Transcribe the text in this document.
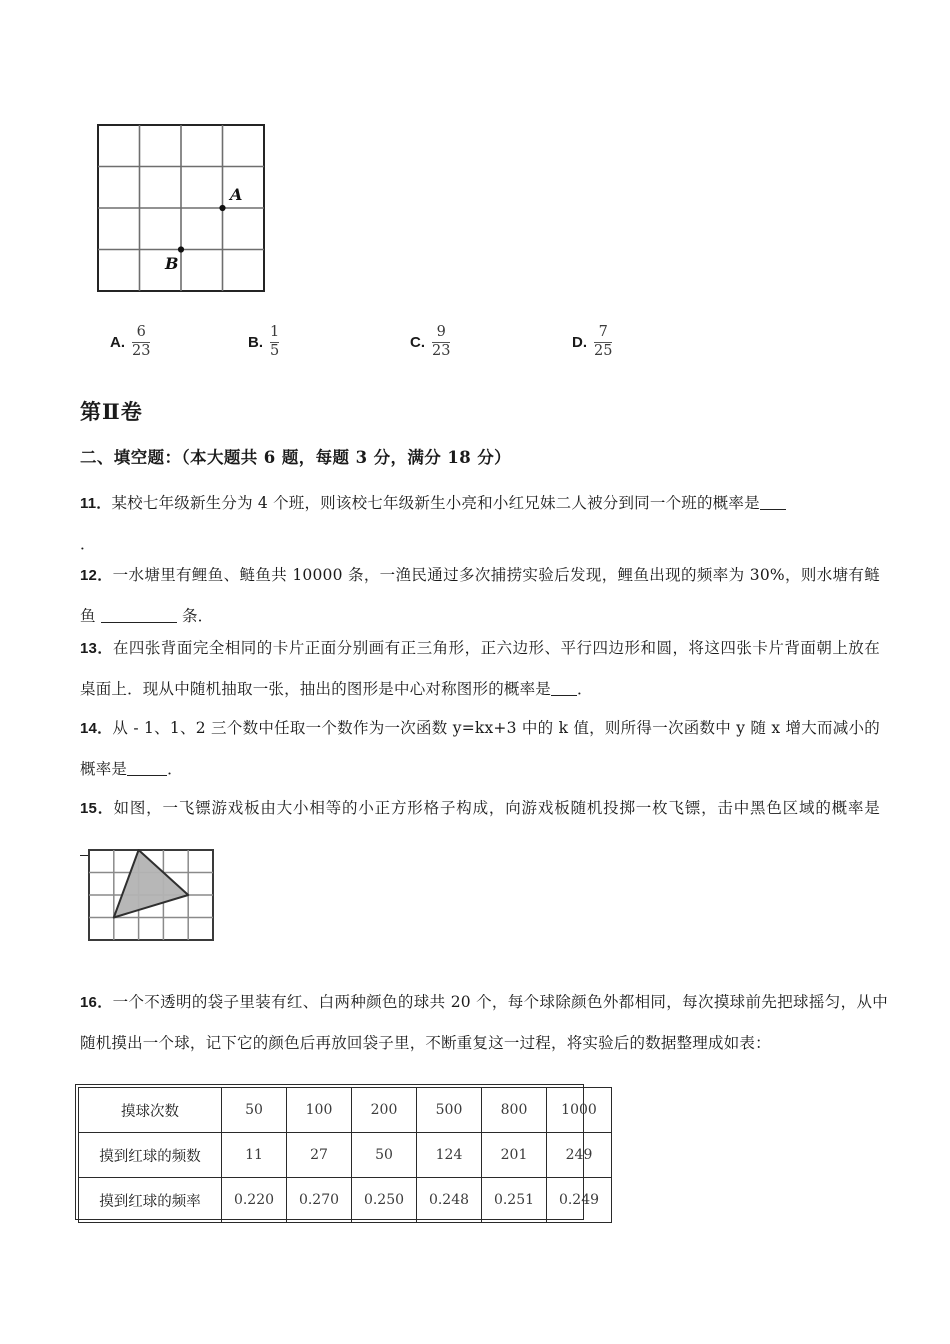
A
B
A. $\frac{6}{23}$	B. $\frac{1}{5}$	C. $\frac{9}{23}$	D. $\frac{7}{25}$
第Ⅱ卷
二、填空题：（本大题共 6 题，每题 3 分，满分 18 分）
11．某校七年级新生分为 4 个班，则该校七年级新生小亮和小红兄妹二人被分到同一个班的概率是
．
12．一水塘里有鲤鱼、鲢鱼共 10000 条，一渔民通过多次捕捞实验后发现，鲤鱼出现的频率为 30%，则水塘有鲢鱼	条．
13．在四张背面完全相同的卡片正面分别画有正三角形，正六边形、平行四边形和圆，将这四张卡片背面朝上放在桌面上．现从中随机抽取一张，抽出的图形是中心对称图形的概率是 ．
14．从 - 1、1、2 三个数中任取一个数作为一次函数 y=kx+3 中的 k 值，则所得一次函数中 y 随 x 增大而减小的概率是	．
15．如图，一飞镖游戏板由大小相等的小正方形格子构成，向游戏板随机投掷一枚飞镖，击中黑色区域的概率是
16．一个不透明的袋子里装有红、白两种颜色的球共 20 个，每个球除颜色外都相同，每次摸球前先把球摇匀，从中随机摸出一个球，记下它的颜色后再放回袋子里，不断重复这一过程，将实验后的数据整理成如表：
摸球次数	50	100	200	500	800	1000
摸到红球的频数	11	27	50	124	201	249
摸到红球的频率	0.220	0.270	0.250	0.248	0.251	0.249
